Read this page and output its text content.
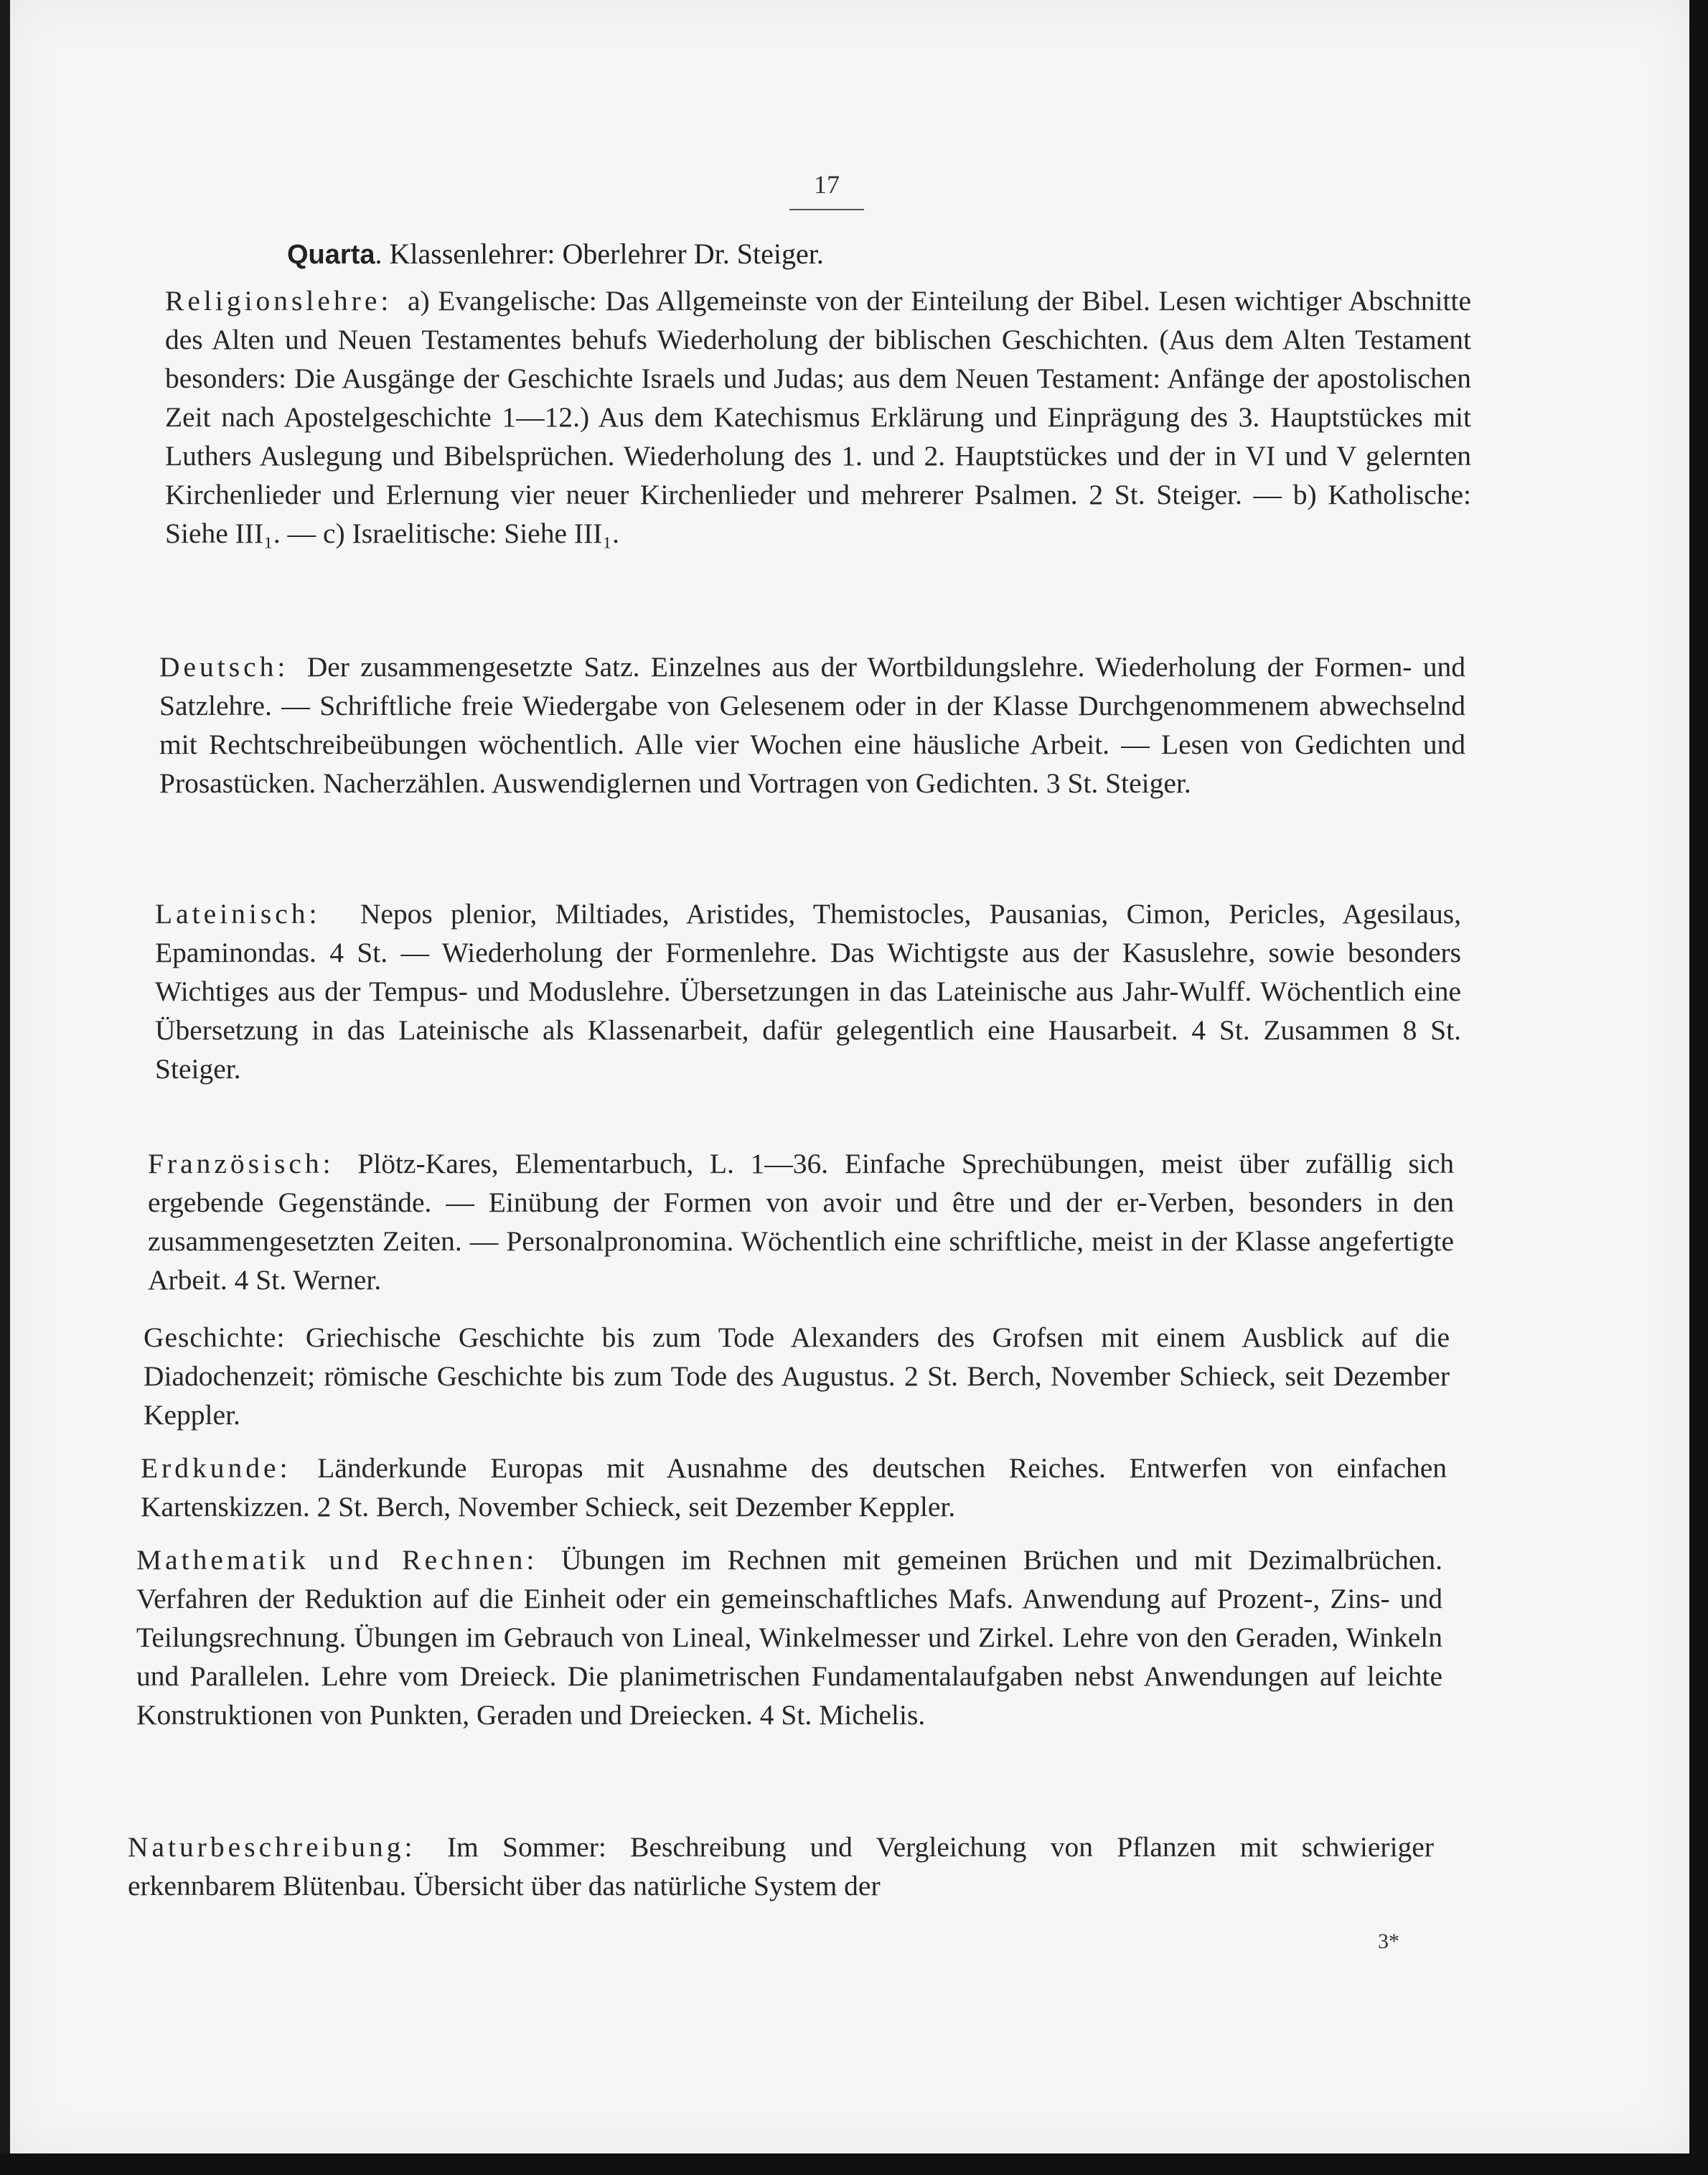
17
Quarta. Klassenlehrer: Oberlehrer Dr. Steiger.
Religionslehre: a) Evangelische: Das Allgemeinste von der Einteilung der Bibel. Lesen wichtiger Abschnitte des Alten und Neuen Testamentes behufs Wiederholung der biblischen Geschichten. (Aus dem Alten Testament besonders: Die Ausgänge der Geschichte Israels und Judas; aus dem Neuen Testament: Anfänge der apostolischen Zeit nach Apostelgeschichte 1—12.) Aus dem Katechismus Erklärung und Einprägung des 3. Hauptstückes mit Luthers Auslegung und Bibelsprüchen. Wiederholung des 1. und 2. Hauptstückes und der in VI und V gelernten Kirchenlieder und Erlernung vier neuer Kirchenlieder und mehrerer Psalmen. 2 St. Steiger. — b) Katholische: Siehe III₁. — c) Israelitische: Siehe III₁.
Deutsch: Der zusammengesetzte Satz. Einzelnes aus der Wortbildungslehre. Wiederholung der Formen- und Satzlehre. — Schriftliche freie Wiedergabe von Gelesenem oder in der Klasse Durchgenommenem abwechselnd mit Rechtschreibeübungen wöchentlich. Alle vier Wochen eine häusliche Arbeit. — Lesen von Gedichten und Prosastücken. Nacherzählen. Auswendiglernen und Vortragen von Gedichten. 3 St. Steiger.
Lateinisch: Nepos plenior, Miltiades, Aristides, Themistocles, Pausanias, Cimon, Pericles, Agesilaus, Epaminondas. 4 St. — Wiederholung der Formenlehre. Das Wichtigste aus der Kasuslehre, sowie besonders Wichtiges aus der Tempus- und Moduslehre. Übersetzungen in das Lateinische aus Jahr-Wulff. Wöchentlich eine Übersetzung in das Lateinische als Klassenarbeit, dafür gelegentlich eine Hausarbeit. 4 St. Zusammen 8 St. Steiger.
Französisch: Plötz-Kares, Elementarbuch, L. 1—36. Einfache Sprechübungen, meist über zufällig sich ergebende Gegenstände. — Einübung der Formen von avoir und être und der er-Verben, besonders in den zusammengesetzten Zeiten. — Personalpronomina. Wöchentlich eine schriftliche, meist in der Klasse angefertigte Arbeit. 4 St. Werner.
Geschichte: Griechische Geschichte bis zum Tode Alexanders des Grofsen mit einem Ausblick auf die Diadochenzeit; römische Geschichte bis zum Tode des Augustus. 2 St. Berch, November Schieck, seit Dezember Keppler.
Erdkunde: Länderkunde Europas mit Ausnahme des deutschen Reiches. Entwerfen von einfachen Kartenskizzen. 2 St. Berch, November Schieck, seit Dezember Keppler.
Mathematik und Rechnen: Übungen im Rechnen mit gemeinen Brüchen und mit Dezimalbrüchen. Verfahren der Reduktion auf die Einheit oder ein gemeinschaftliches Mafs. Anwendung auf Prozent-, Zins- und Teilungsrechnung. Übungen im Gebrauch von Lineal, Winkelmesser und Zirkel. Lehre von den Geraden, Winkeln und Parallelen. Lehre vom Dreieck. Die planimetrischen Fundamentalaufgaben nebst Anwendungen auf leichte Konstruktionen von Punkten, Geraden und Dreiecken. 4 St. Michelis.
Naturbeschreibung: Im Sommer: Beschreibung und Vergleichung von Pflanzen mit schwieriger erkennbarem Blütenbau. Übersicht über das natürliche System der
3*
